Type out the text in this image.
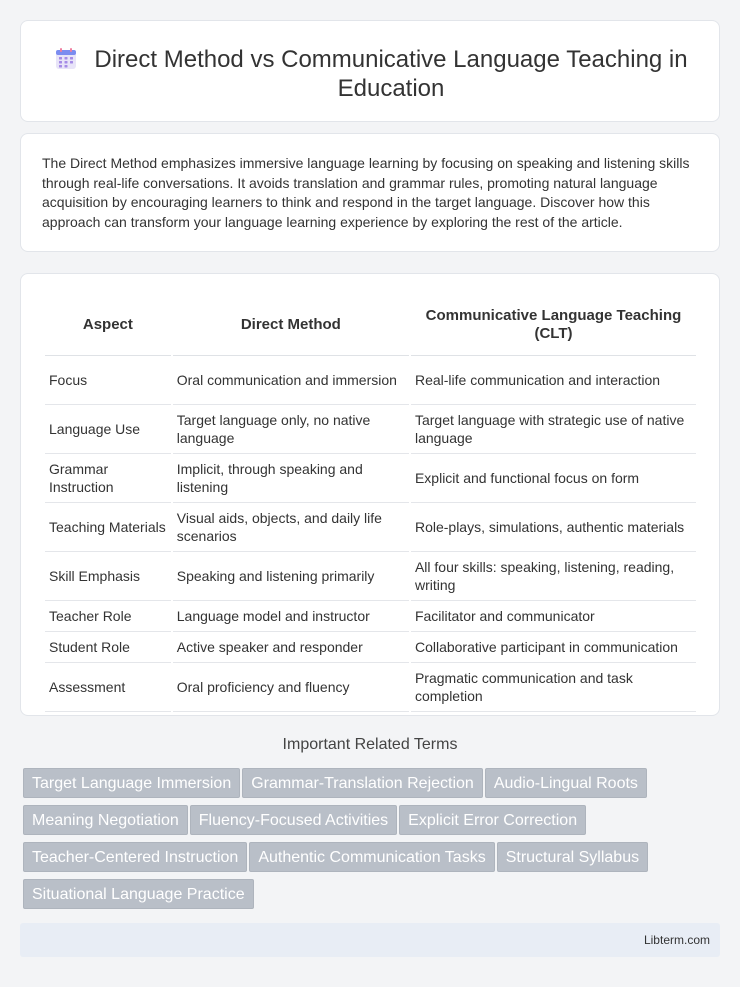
Direct Method vs Communicative Language Teaching in Education

The Direct Method emphasizes immersive language learning by focusing on speaking and listening skills through real-life conversations. It avoids translation and grammar rules, promoting natural language acquisition by encouraging learners to think and respond in the target language. Discover how this approach can transform your language learning experience by exploring the rest of the article.

Aspect	Direct Method	Communicative Language Teaching (CLT)
Focus	Oral communication and immersion	Real-life communication and interaction
Language Use	Target language only, no native language	Target language with strategic use of native language
Grammar Instruction	Implicit, through speaking and listening	Explicit and functional focus on form
Teaching Materials	Visual aids, objects, and daily life scenarios	Role-plays, simulations, authentic materials
Skill Emphasis	Speaking and listening primarily	All four skills: speaking, listening, reading, writing
Teacher Role	Language model and instructor	Facilitator and communicator
Student Role	Active speaker and responder	Collaborative participant in communication
Assessment	Oral proficiency and fluency	Pragmatic communication and task completion
Important Related Terms
Target Language Immersion Grammar-Translation Rejection Audio-Lingual Roots
Meaning Negotiation Fluency-Focused Activities Explicit Error Correction
Teacher-Centered Instruction Authentic Communication Tasks Structural Syllabus
Situational Language Practice
Libterm.com
